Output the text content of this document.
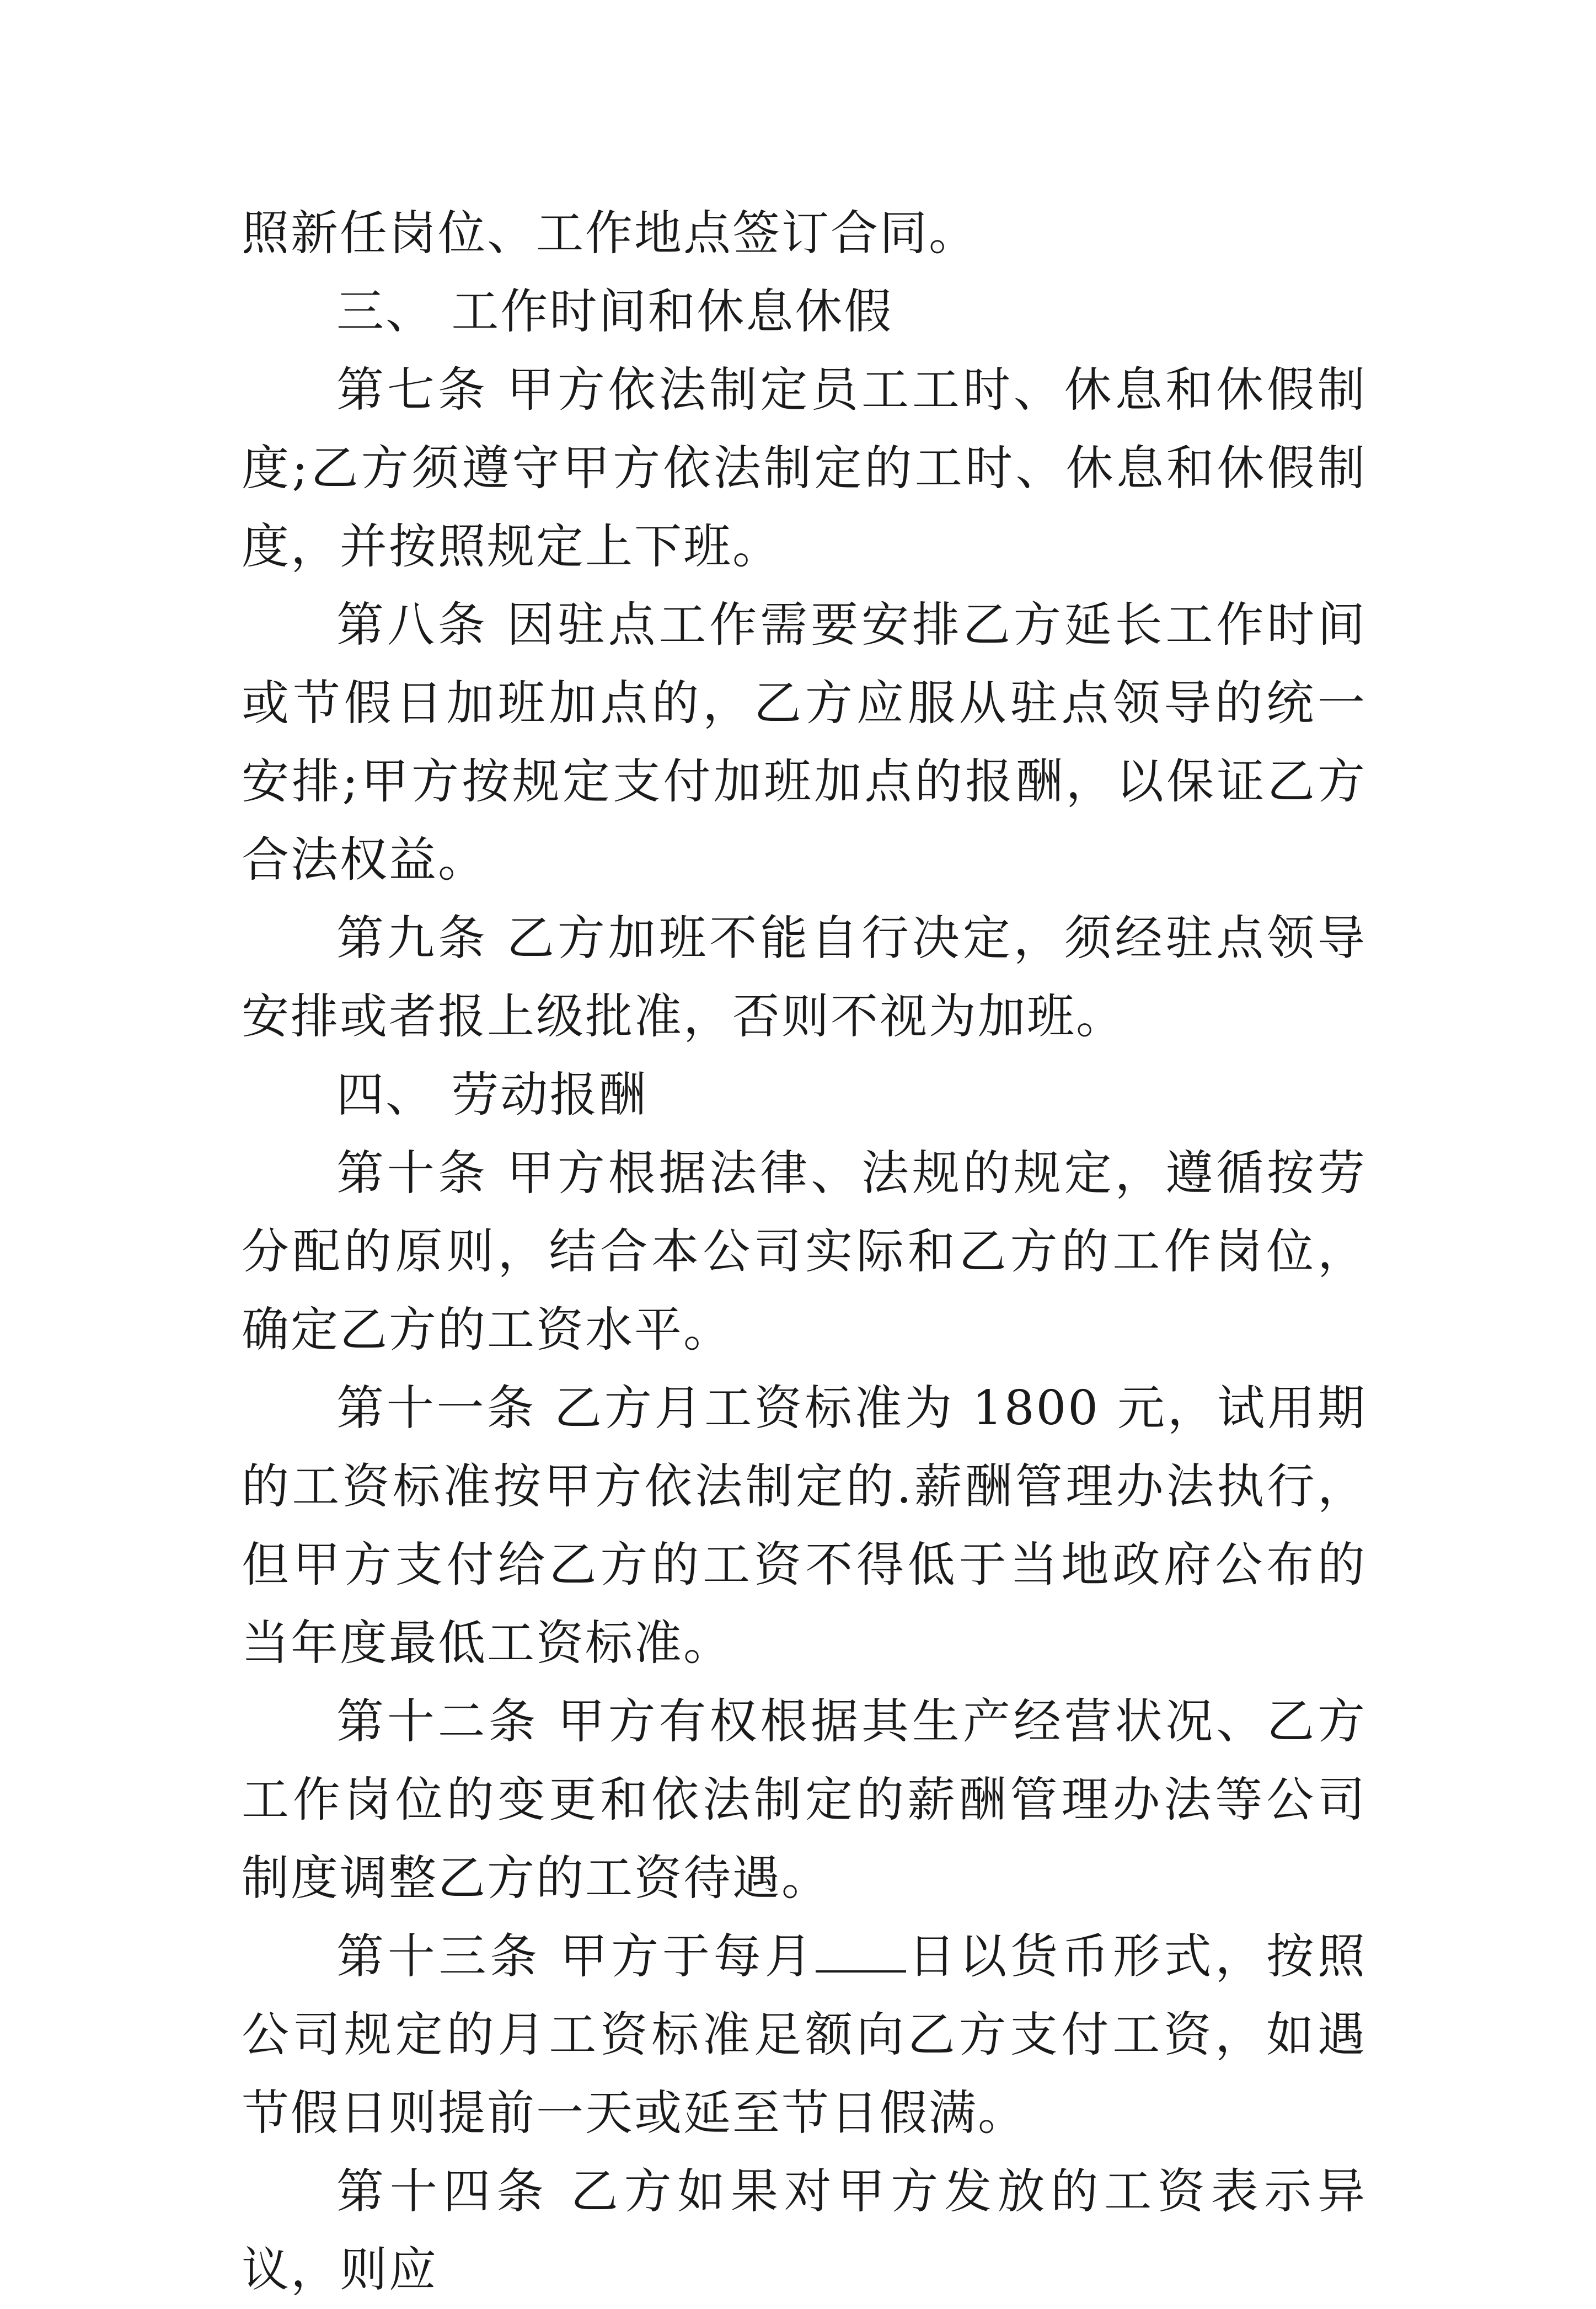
照新任岗位、工作地点签订合同。

三、 工作时间和休息休假

第七条 甲方依法制定员工工时、休息和休假制度;乙方须遵守甲方依法制定的工时、休息和休假制度，并按照规定上下班。

第八条 因驻点工作需要安排乙方延长工作时间或节假日加班加点的，乙方应服从驻点领导的统一安排;甲方按规定支付加班加点的报酬，以保证乙方合法权益。

第九条 乙方加班不能自行决定，须经驻点领导安排或者报上级批准，否则不视为加班。

四、 劳动报酬

第十条 甲方根据法律、法规的规定，遵循按劳分配的原则，结合本公司实际和乙方的工作岗位，确定乙方的工资水平。

第十一条 乙方月工资标准为 1800 元，试用期的工资标准按甲方依法制定的.薪酬管理办法执行，但甲方支付给乙方的工资不得低于当地政府公布的当年度最低工资标准。

第十二条 甲方有权根据其生产经营状况、乙方工作岗位的变更和依法制定的薪酬管理办法等公司制度调整乙方的工资待遇。

第十三条 甲方于每月 日以货币形式，按照公司规定的月工资标准足额向乙方支付工资，如遇节假日则提前一天或延至节日假满。

第十四条 乙方如果对甲方发放的工资表示异议，则应
